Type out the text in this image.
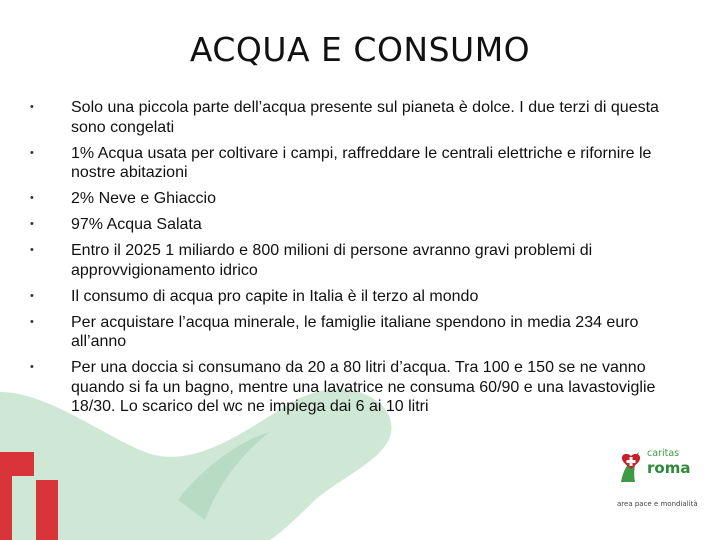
ACQUA E CONSUMO
• Solo una piccola parte dell’acqua presente sul pianeta è dolce. I due terzi di questa sono congelati
• 1% Acqua usata per coltivare i campi, raffreddare le centrali elettriche e rifornire le nostre abitazioni
• 2% Neve e Ghiaccio
• 97% Acqua Salata
• Entro il 2025 1 miliardo e 800 milioni di persone avranno gravi problemi di approvvigionamento idrico
• Il consumo di acqua pro capite in Italia è il terzo al mondo
• Per acquistare l’acqua minerale, le famiglie italiane spendono in media 234 euro all’anno
• Per una doccia si consumano da 20 a 80 litri d’acqua. Tra 100 e 150 se ne vanno quando si fa un bagno, mentre una lavatrice ne consuma 60/90 e una lavastoviglie 18/30. Lo scarico del wc ne impiega dai 6 ai 10 litri
caritas
roma
area pace e mondialità
